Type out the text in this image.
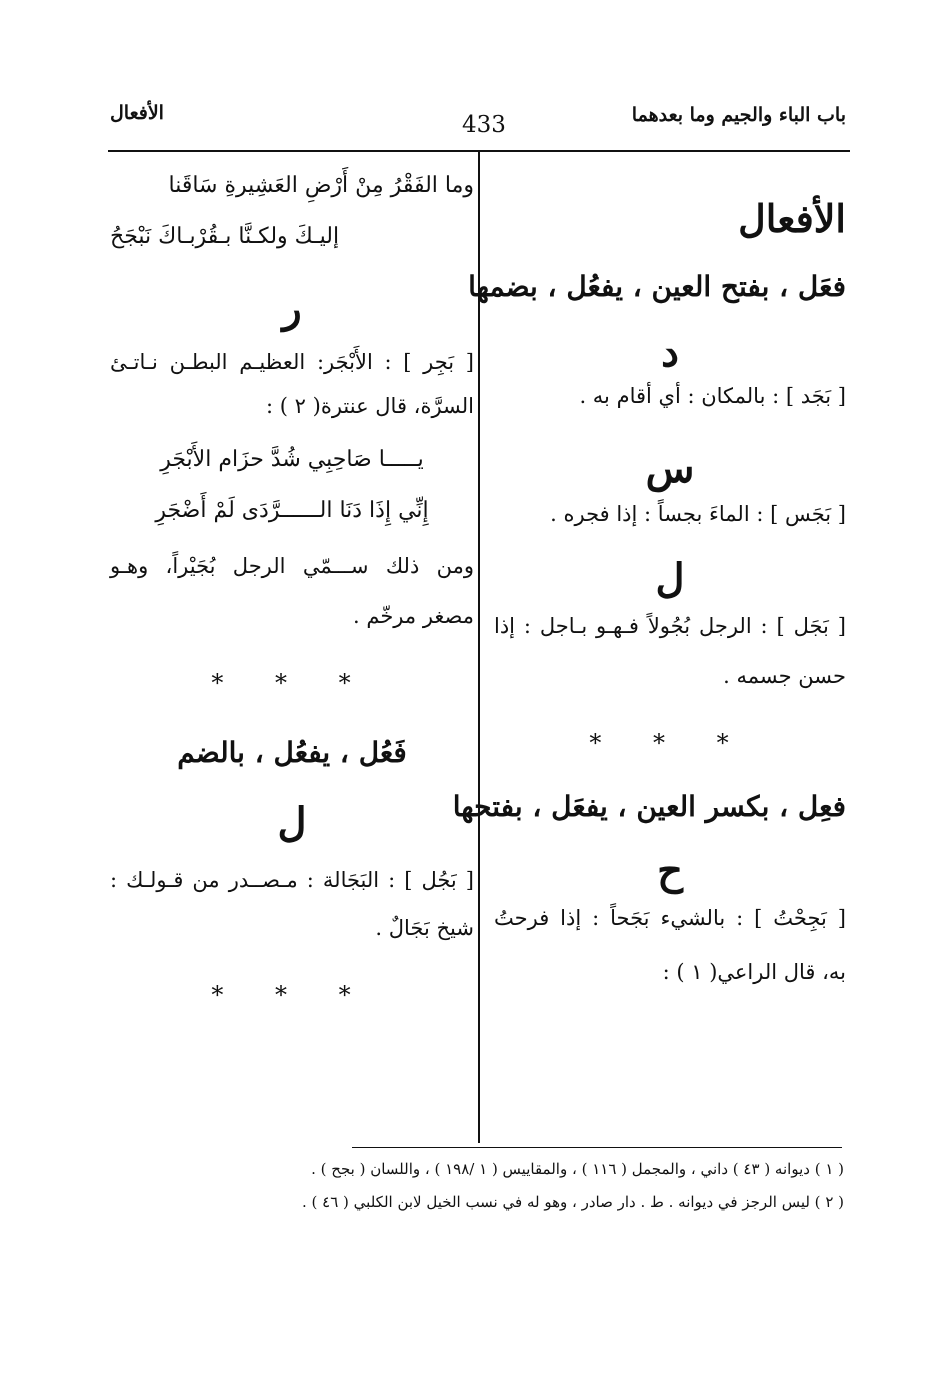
باب الباء والجيم وما بعدهما
433
الأفعال
الأفعال
فعَل ، بفتح العين ، يفعُل ، بضمها
د
[ بَجَد ] : بالمكان : أي أقام به .
س
[ بَجَس ] : الماءَ بجساً : إذا فجره .
ل
[ بَجَل ] : الرجل بُجُولاً فـهـو بـاجل : إذا
حسن جسمه .
* * *
فعِل ، بكسر العين ، يفعَل ، بفتحها
ح
[ بَجِحْتُ ] : بالشيء بَجَحاً : إذا فرحتُ
به، قال الراعي( ١ ) :
وما الفَقْرُ مِنْ أَرْضِ العَشِيرةِ سَاقَنا
إليـكَ ولكـنَّا بـقُرْبـاكَ نَبْجَحُ
ر
[ بَجِر ] : الأَبْجَر: العظيـم البطـن نـاتـئ
السرَّة، قال عنترة( ٢ ) :
يـــــا صَاحِبِي شُدَّ حزَام الأَبْجَرِ
إِنِّي إِذَا دَنَا الــــــرَّدَى لَمْ أَضْجَرِ
ومن ذلك ســـمّي الرجل بُجَيْراً، وهـو
مصغر مرخّم .
* * *
فَعُل ، يفعُل ، بالضم
ل
[ بَجُل ] : البَجَالة : مـصــدر من قـولـك :
شيخ بَجَالٌ .
* * *
( ١ ) ديوانه ( ٤٣ ) داني ، والمجمل ( ١١٦ ) ، والمقاييس ( ١ /١٩٨ ) ، واللسان ( بجح ) .
( ٢ ) ليس الرجز في ديوانه . ط . دار صادر ، وهو له في نسب الخيل لابن الكلبي ( ٤٦ ) .
